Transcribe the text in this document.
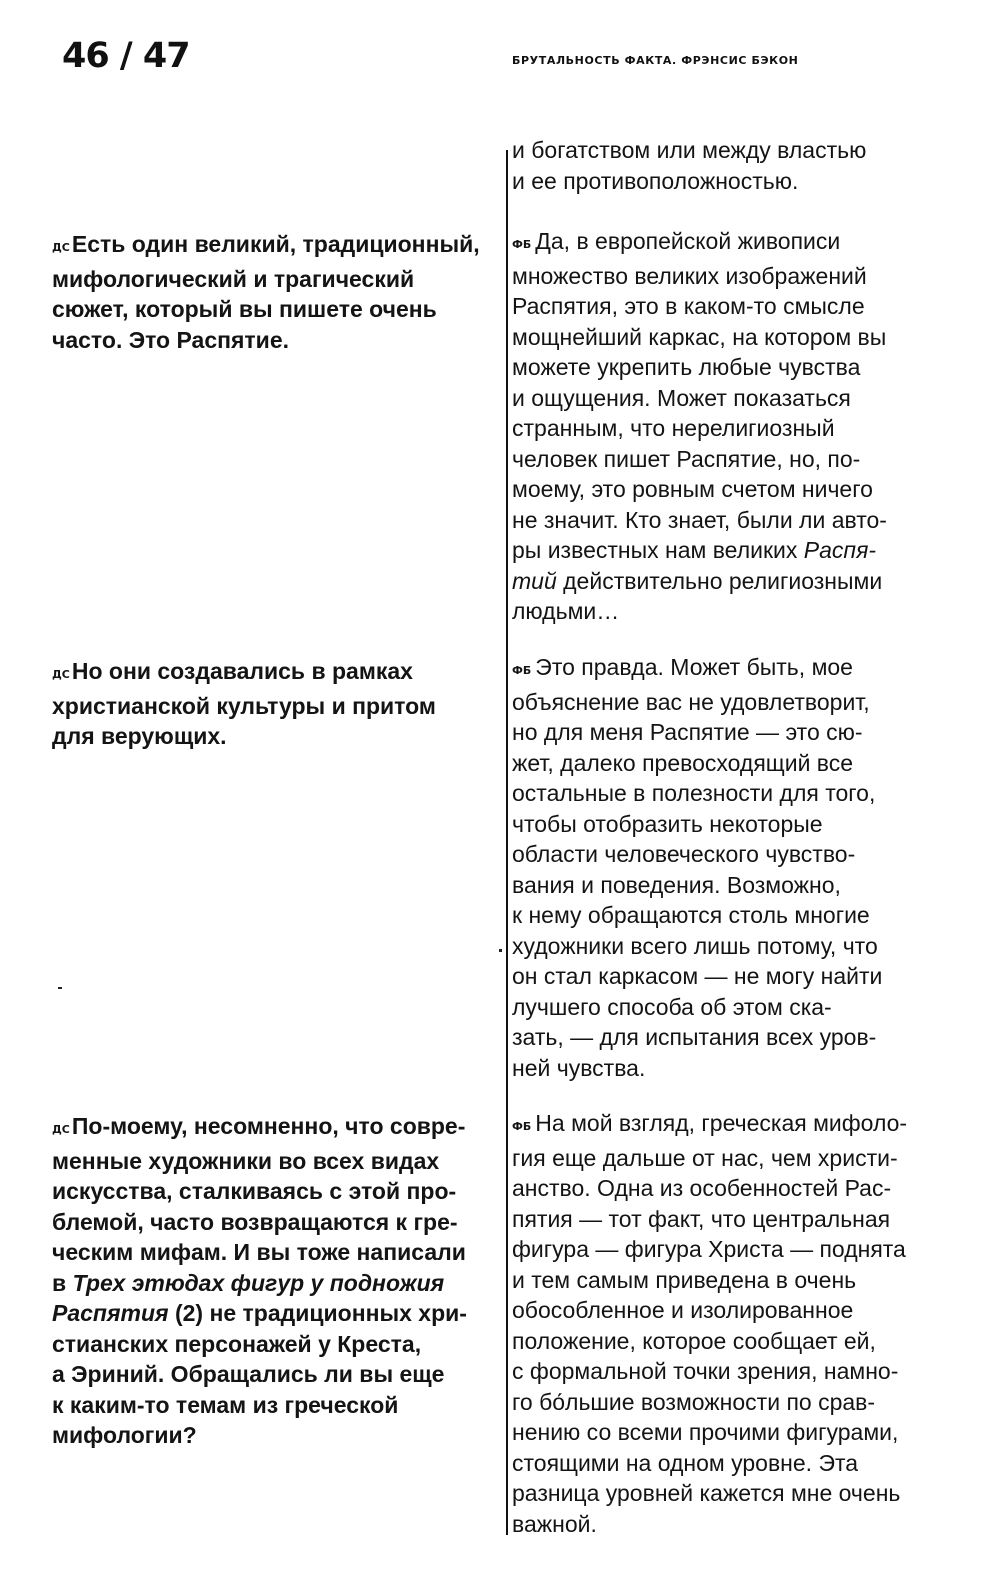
46 / 47	БРУТАЛЬНОСТЬ ФАКТА. ФРЭНСИС БЭКОН
ДСЕсть один великий, традиционный,
мифологический и трагический
сюжет, который вы пишете очень
часто. Это Распятие.
ДСНо они создавались в рамках
христианской культуры и притом
для верующих.
ДСПо-моему, несомненно, что совре-
менные художники во всех видах
искусства, сталкиваясь с этой про-
блемой, часто возвращаются к гре-
ческим мифам. И вы тоже написали
в Трех этюдах фигур у подножия
Распятия (2) не традиционных хри-
стианских персонажей у Креста,
а Эриний. Обращались ли вы еще
к каким-то темам из греческой
мифологии?
и богатством или между властью
и ее противоположностью.
ФБ Да, в европейской живописи
множество великих изображений
Распятия, это в каком-то смысле
мощнейший каркас, на котором вы
можете укрепить любые чувства
и ощущения. Может показаться
странным, что нерелигиозный
человек пишет Распятие, но, по-
моему, это ровным счетом ничего
не значит. Кто знает, были ли авто-
ры известных нам великих Распя-
тий действительно религиозными
людьми…
ФБ Это правда. Может быть, мое
объяснение вас не удовлетворит,
но для меня Распятие — это сю-
жет, далеко превосходящий все
остальные в полезности для того,
чтобы отобразить некоторые
области человеческого чувство-
вания и поведения. Возможно,
к нему обращаются столь многие
художники всего лишь потому, что
он стал каркасом — не могу найти
лучшего способа об этом ска-
зать, — для испытания всех уров-
ней чувства.
ФБ На мой взгляд, греческая мифоло-
гия еще дальше от нас, чем христи-
анство. Одна из особенностей Рас-
пятия — тот факт, что центральная
фигура — фигура Христа — поднята
и тем самым приведена в очень
обособленное и изолированное
положение, которое сообщает ей,
с формальной точки зрения, намно-
го бо́льшие возможности по срав-
нению со всеми прочими фигурами,
стоящими на одном уровне. Эта
разница уровней кажется мне очень
важной.
